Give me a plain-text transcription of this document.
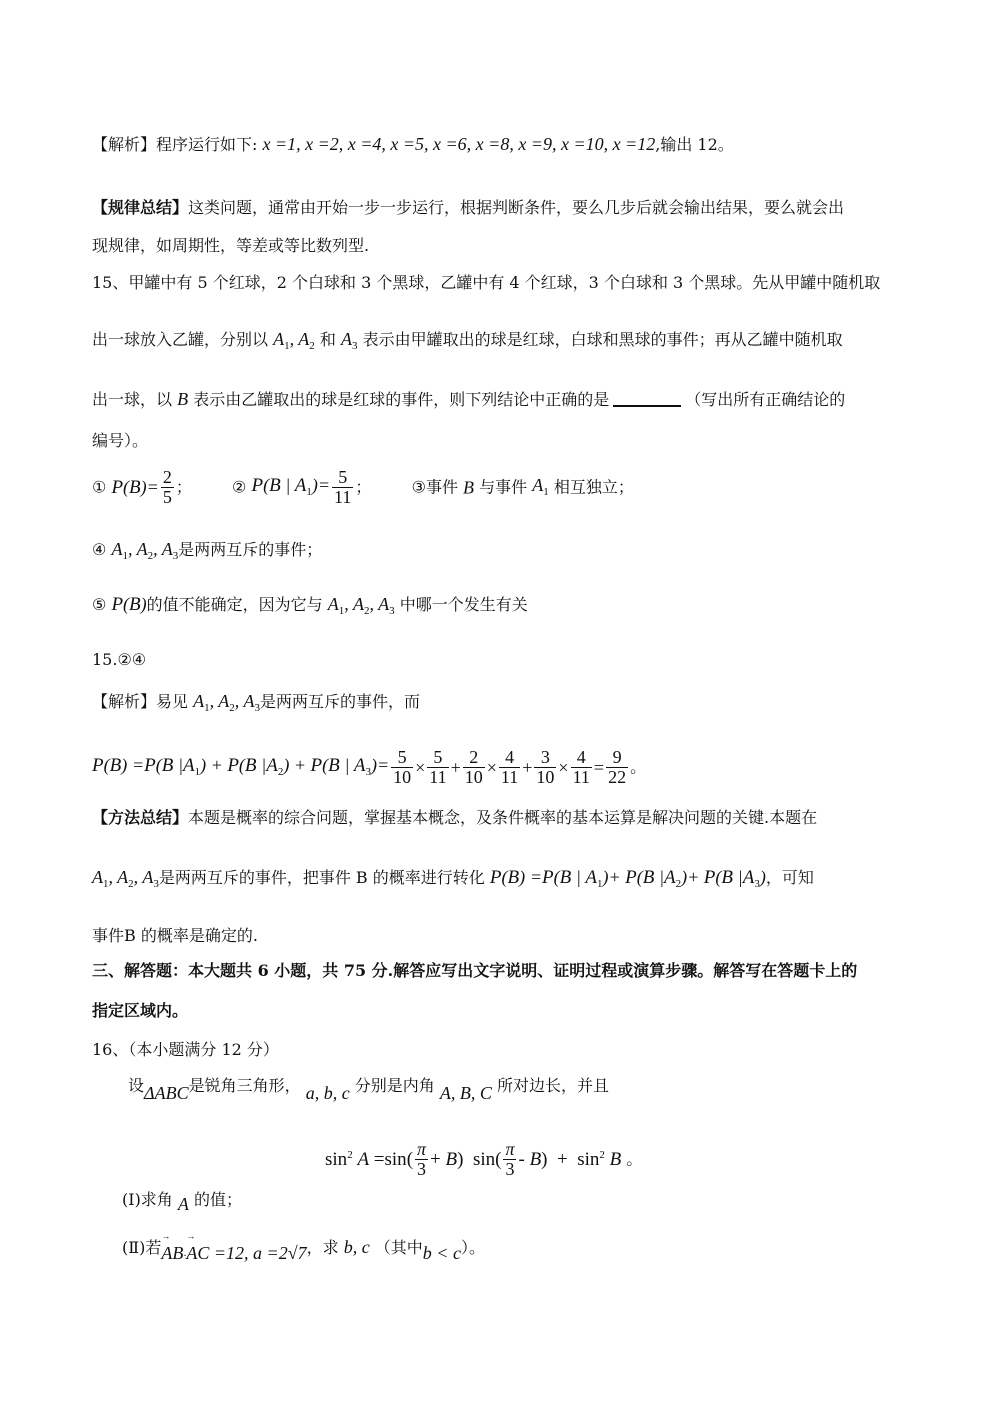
【解析】程序运行如下: x =1, x =2, x =4, x =5, x =6, x =8, x =9, x =10, x =12,输出 12。
【规律总结】这类问题，通常由开始一步一步运行，根据判断条件，要么几步后就会输出结果，要么就会出
现规律，如周期性，等差或等比数列型.
15、甲罐中有 5 个红球，2 个白球和 3 个黑球，乙罐中有 4 个红球，3 个白球和 3 个黑球。先从甲罐中随机取
出一球放入乙罐，分别以 $A_1$, $A_2$ 和 $A_3$ 表示由甲罐取出的球是红球，白球和黑球的事件；再从乙罐中随机取
出一球，以 B 表示由乙罐取出的球是红球的事件，则下列结论中正确的是	（写出所有正确结论的
编号）。
① $P(B)= \frac{2}{5}$ ；	② P(B | $A_1)= \frac{5}{11}$ ；	③事件 B 与事件 $A_1$ 相互独立；
④ $A_1$, $A_2$, $A_3$是两两互斥的事件；
⑤ P(B)的值不能确定，因为它与 $A_1$, $A_2$, $A_3$ 中哪一个发生有关
15.②④
【解析】易见 $A_1$, $A_2$, $A_3$是两两互斥的事件，而
P(B) =P(B $|A_1) + P(B$ $|A_2) + P(B$ | $A_3)= \frac{5}{10} \times \frac{5}{11} + \frac{2}{10} \times \frac{4}{11} + \frac{3}{10} \times \frac{4}{11} = \frac{9}{22}$ 。
【方法总结】本题是概率的综合问题，掌握基本概念，及条件概率的基本运算是解决问题的关键.本题在
$A_1$, $A_2$, $A_3$是两两互斥的事件，把事件 B 的概率进行转化 P(B) =P(B | $A_1)+ P(B$ $|A_2)+ P(B$ $|A_3$)，可知
事件B 的概率是确定的.
三、解答题：本大题共 6 小题，共 75 分.解答应写出文字说明、证明过程或演算步骤。解答写在答题卡上的
指定区域内。
16、（本小题满分 12 分）
设ΔABC是锐角三角形， a, b, c 分别是内角 A, B, C 所对边长，并且
$\sin^2 A =\sin( \frac{\pi}{3} + B)$  $\sin( \frac{\pi}{3} - B) + \sin^2 B$ 。
(Ⅰ)求角 A 的值；
(Ⅱ)若AB
→
·AC
→
=12, a =2√7，求 b, c （其中b < c）。
